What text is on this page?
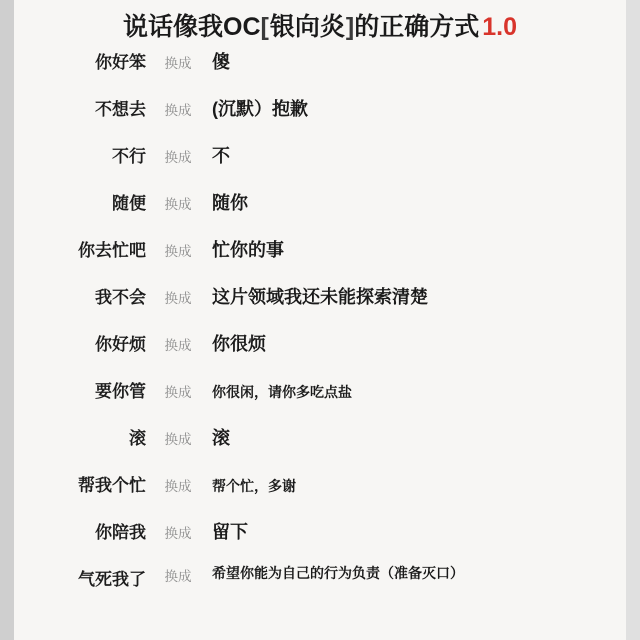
说话像我OC [ 银向炎 ] 的正确方式 1.0
你好笨	换成	傻
不想去	换成	(沉默）抱歉
不行	换成	不
随便	换成	随你
你去忙吧	换成	忙你的事
我不会	换成	这片领域我还未能探索清楚
你好烦	换成	你很烦
要你管	换成	你很闲，请你多吃点盐
滚	换成	滚
帮我个忙	换成	帮个忙，多谢
你陪我	换成	留下
气死我了	换成	希望你能为自己的行为负责（准备灭口）
